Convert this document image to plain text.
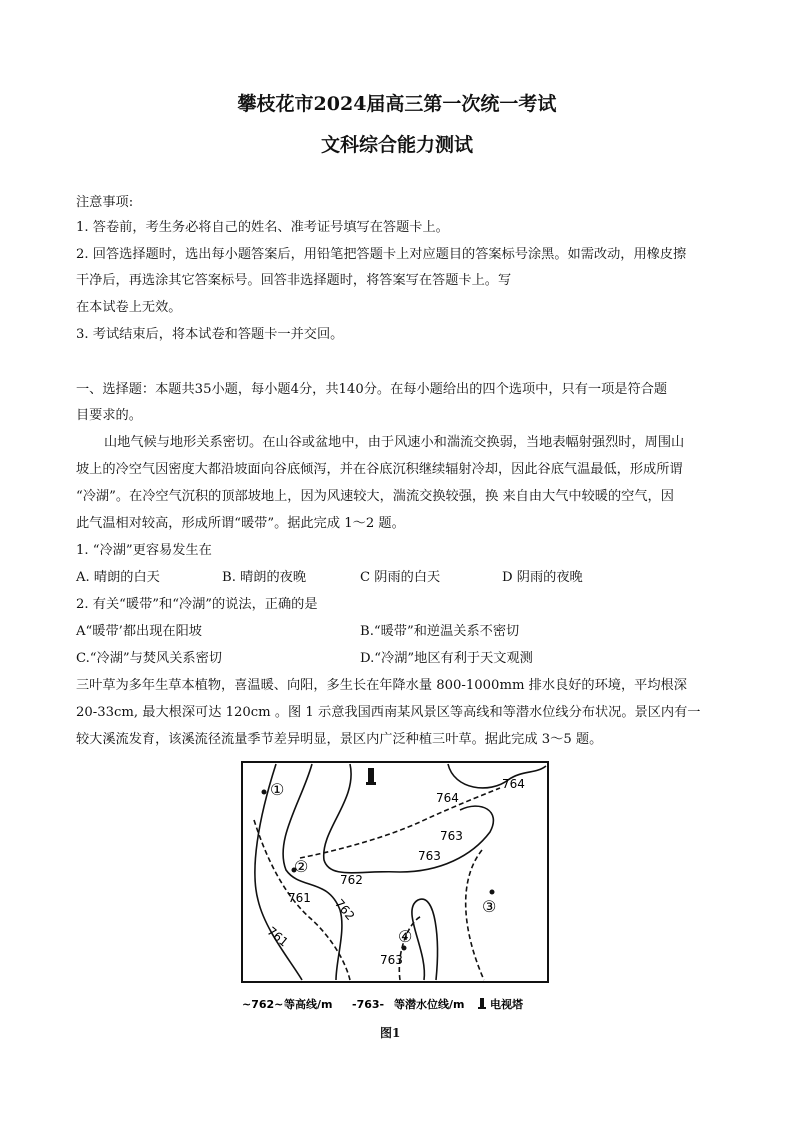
攀枝花市2024届高三第一次统一考试
文科综合能力测试
注意事项:
1. 答卷前，考生务必将自己的姓名、准考证号填写在答题卡上。
2. 回答选择题时，选出每小题答案后，用铅笔把答题卡上对应题目的答案标号涂黑。如需改动，用橡皮擦
干净后，再选涂其它答案标号。回答非选择题时，将答案写在答题卡上。写
在本试卷上无效。
3. 考试结束后，将本试卷和答题卡一并交回。
一、选择题：本题共35小题，每小题4分，共140分。在每小题给出的四个选项中，只有一项是符合题
目要求的。
山地气候与地形关系密切。在山谷或盆地中，由于风速小和湍流交换弱，当地表幅射强烈时，周围山
坡上的冷空气因密度大都沿坡面向谷底倾泻，并在谷底沉积继续辐射冷却，因此谷底气温最低，形成所谓
“冷湖”。在冷空气沉积的顶部坡地上，因为风速较大，湍流交换较强，换 来自由大气中较暖的空气，因
此气温相对较高，形成所谓“暖带”。据此完成 1～2 题。
1. “冷湖”更容易发生在
A. 晴朗的白天	B. 晴朗的夜晚	C 阴雨的白天	D 阴雨的夜晚
2. 有关“暖带”和“冷湖”的说法，正确的是
A“暖带’都出现在阳坡	B.“暖带”和逆温关系不密切
C.“冷湖”与焚风关系密切	D.“冷湖”地区有利于天文观测
三叶草为多年生草本植物，喜温暖、向阳，多生长在年降水量 800-1000mm 排水良好的环境，平均根深
20-33cm, 最大根深可达 120cm 。图 1 示意我国西南某风景区等高线和等潜水位线分布状况。景区内有一
较大溪流发育，该溪流径流量季节差异明显，景区内广泛种植三叶草。据此完成 3～5 题。
①
②
③
④
764
764
763
763
762
762
761
761
763
~762~ 等高线/m -763- 等潜水位线/m 电视塔
图1
